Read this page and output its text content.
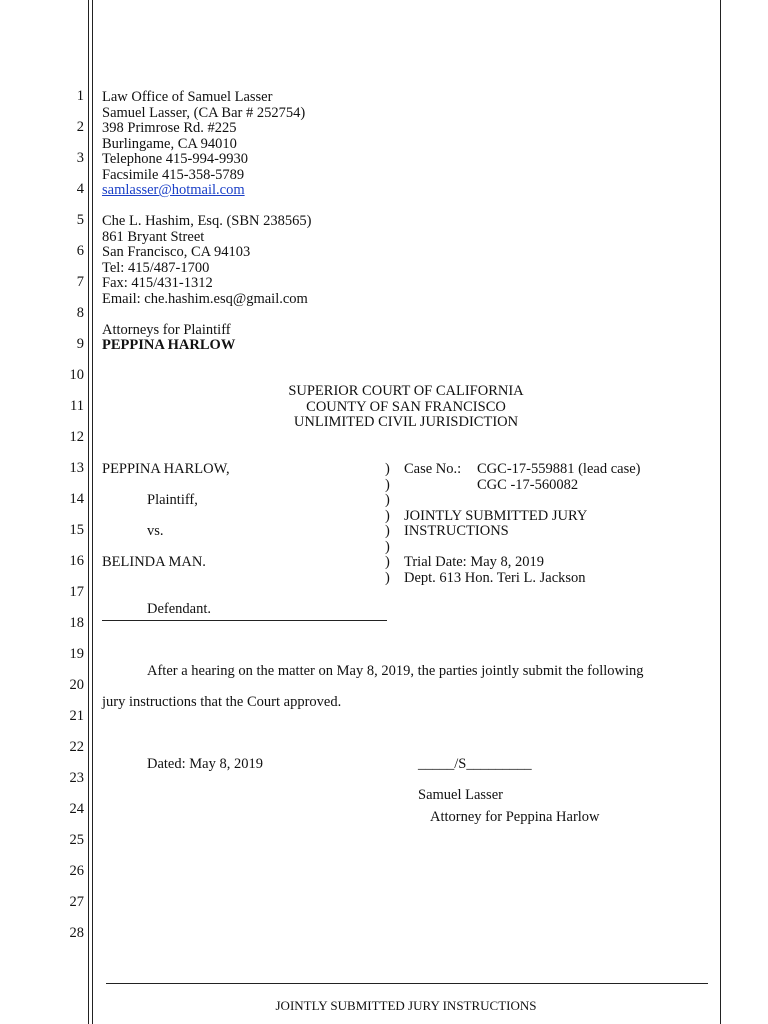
1
2
3
4
5
6
7
8
9
10
11
12
13
14
15
16
17
18
19
20
21
22
23
24
25
26
27
28
Law Office of Samuel Lasser
Samuel Lasser, (CA Bar # 252754)
398 Primrose Rd. #225
Burlingame, CA 94010
Telephone 415-994-9930
Facsimile 415-358-5789
samlasser@hotmail.com
Che L. Hashim, Esq. (SBN 238565)
861 Bryant Street
San Francisco, CA 94103
Tel: 415/487-1700
Fax: 415/431-1312
Email: che.hashim.esq@gmail.com
Attorneys for Plaintiff
PEPPINA HARLOW
SUPERIOR COURT OF CALIFORNIA
COUNTY OF SAN FRANCISCO
UNLIMITED CIVIL JURISDICTION
PEPPINA HARLOW,
Plaintiff,
vs.
BELINDA MAN.
Defendant.
)
)
)
)
)
)
)
)
Case No.: CGC-17-559881 (lead case)
CGC -17-560082
JOINTLY SUBMITTED JURY
INSTRUCTIONS
Trial Date: May 8, 2019
Dept. 613 Hon. Teri L. Jackson
After a hearing on the matter on May 8, 2019, the parties jointly submit the following
jury instructions that the Court approved.
Dated: May 8, 2019	_____/S_________
Samuel Lasser
Attorney for Peppina Harlow
JOINTLY SUBMITTED JURY INSTRUCTIONS
